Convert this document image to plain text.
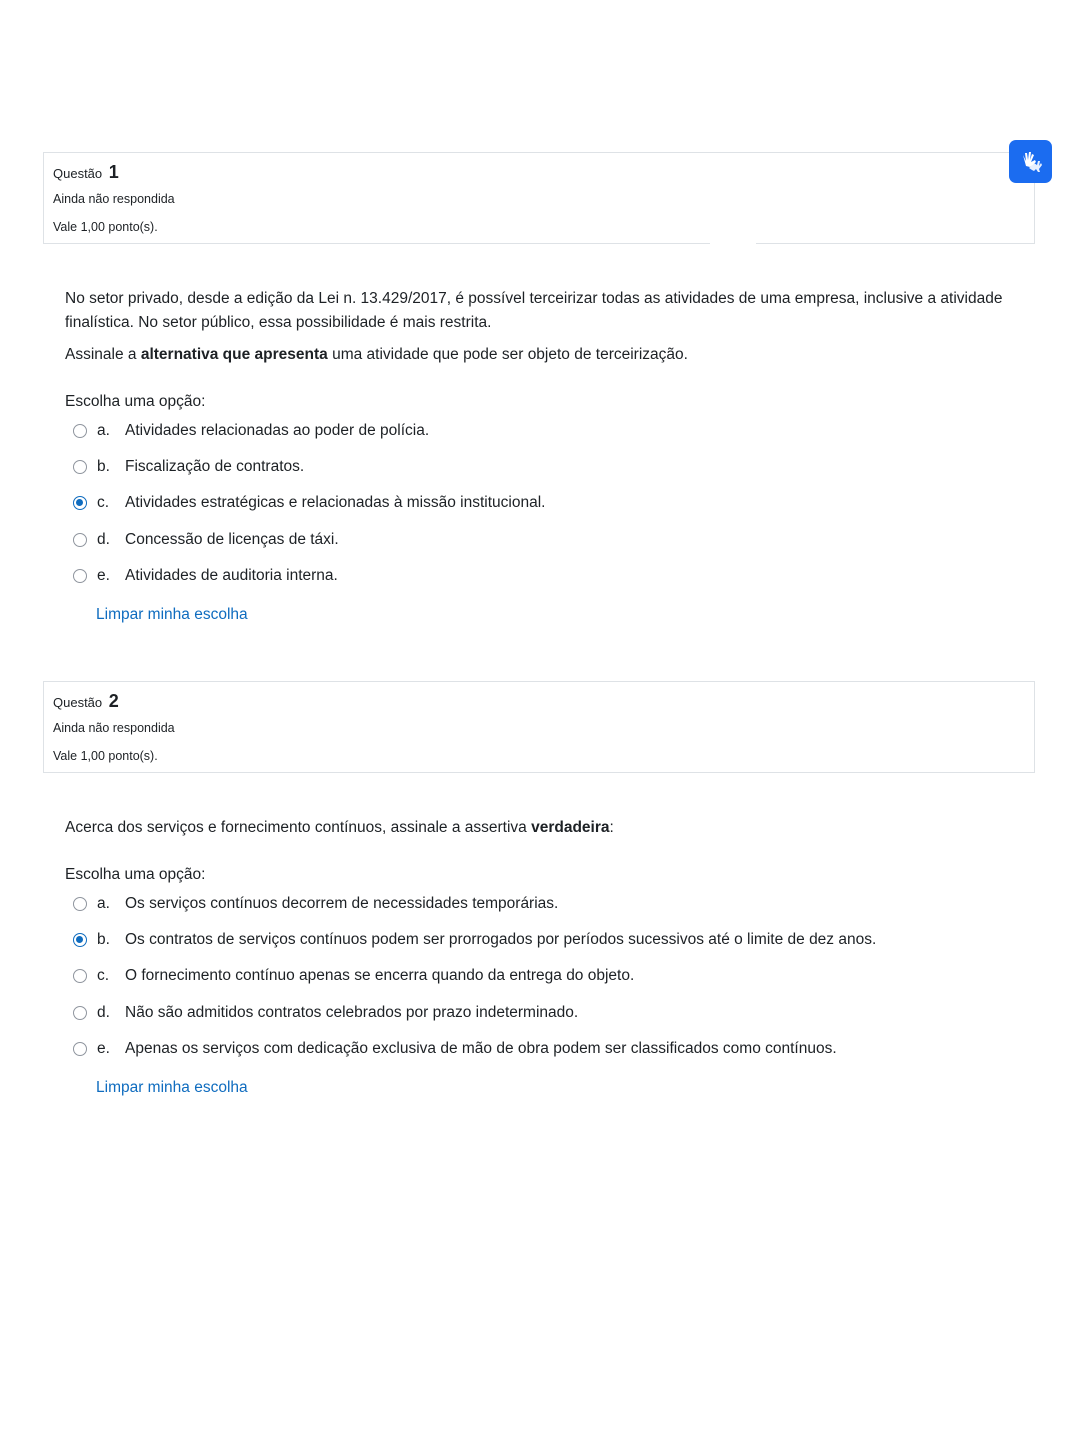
Questão 1
Ainda não respondida
Vale 1,00 ponto(s).
No setor privado, desde a edição da Lei n. 13.429/2017, é possível terceirizar todas as atividades de uma empresa, inclusive a atividade finalística. No setor público, essa possibilidade é mais restrita.
Assinale a alternativa que apresenta uma atividade que pode ser objeto de terceirização.
Escolha uma opção:
a. Atividades relacionadas ao poder de polícia.
b. Fiscalização de contratos.
c.	Atividades estratégicas e relacionadas à missão institucional.
d. Concessão de licenças de táxi.
e. Atividades de auditoria interna.
Limpar minha escolha
Questão 2
Ainda não respondida
Vale 1,00 ponto(s).
Acerca dos serviços e fornecimento contínuos, assinale a assertiva verdadeira:
Escolha uma opção:
a. Os serviços contínuos decorrem de necessidades temporárias.
b. Os contratos de serviços contínuos podem ser prorrogados por períodos sucessivos até o limite de dez anos.
c.	O fornecimento contínuo apenas se encerra quando da entrega do objeto.
d. Não são admitidos contratos celebrados por prazo indeterminado.
e. Apenas os serviços com dedicação exclusiva de mão de obra podem ser classificados como contínuos.
Limpar minha escolha
